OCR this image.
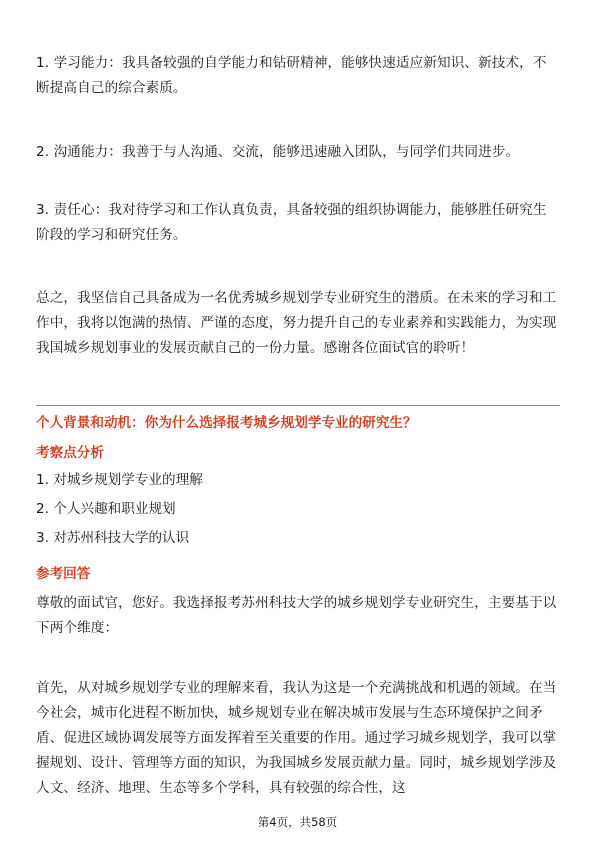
1. 学习能力：我具备较强的自学能力和钻研精神，能够快速适应新知识、新技术，不断提高自己的综合素质。

2. 沟通能力：我善于与人沟通、交流，能够迅速融入团队，与同学们共同进步。

3. 责任心：我对待学习和工作认真负责，具备较强的组织协调能力，能够胜任研究生阶段的学习和研究任务。

总之，我坚信自己具备成为一名优秀城乡规划学专业研究生的潜质。在未来的学习和工作中，我将以饱满的热情、严谨的态度，努力提升自己的专业素养和实践能力，为实现我国城乡规划事业的发展贡献自己的一份力量。感谢各位面试官的聆听！

个人背景和动机：你为什么选择报考城乡规划学专业的研究生？
考察点分析
1. 对城乡规划学专业的理解
2. 个人兴趣和职业规划
3. 对苏州科技大学的认识
参考回答

尊敬的面试官，您好。我选择报考苏州科技大学的城乡规划学专业研究生，主要基于以下两个维度：

首先，从对城乡规划学专业的理解来看，我认为这是一个充满挑战和机遇的领域。在当今社会，城市化进程不断加快，城乡规划专业在解决城市发展与生态环境保护之间矛盾、促进区域协调发展等方面发挥着至关重要的作用。通过学习城乡规划学，我可以掌握规划、设计、管理等方面的知识，为我国城乡发展贡献力量。同时，城乡规划学涉及人文、经济、地理、生态等多个学科，具有较强的综合性，这

第4页，共58页
